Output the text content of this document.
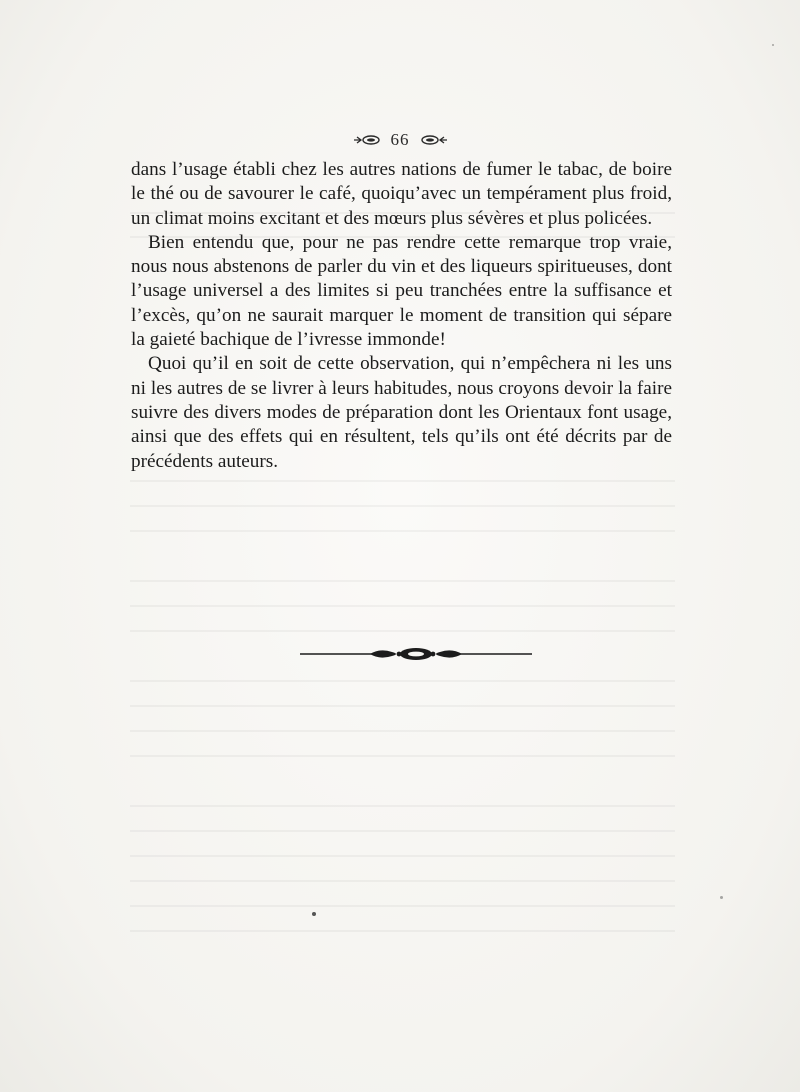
66

dans l’usage établi chez les autres nations de fumer le tabac, de boire le thé ou de savourer le café, quoiqu’avec un tempérament plus froid, un climat moins excitant et des mœurs plus sévères et plus policées.

Bien entendu que, pour ne pas rendre cette remarque trop vraie, nous nous abstenons de parler du vin et des liqueurs spiritueuses, dont l’usage universel a des limites si peu tranchées entre la suffisance et l’excès, qu’on ne saurait marquer le moment de transition qui sépare la gaieté bachique de l’ivresse immonde!

Quoi qu’il en soit de cette observation, qui n’empêchera ni les uns ni les autres de se livrer à leurs habitudes, nous croyons devoir la faire suivre des divers modes de préparation dont les Orientaux font usage, ainsi que des effets qui en résultent, tels qu’ils ont été décrits par de précédents auteurs.
